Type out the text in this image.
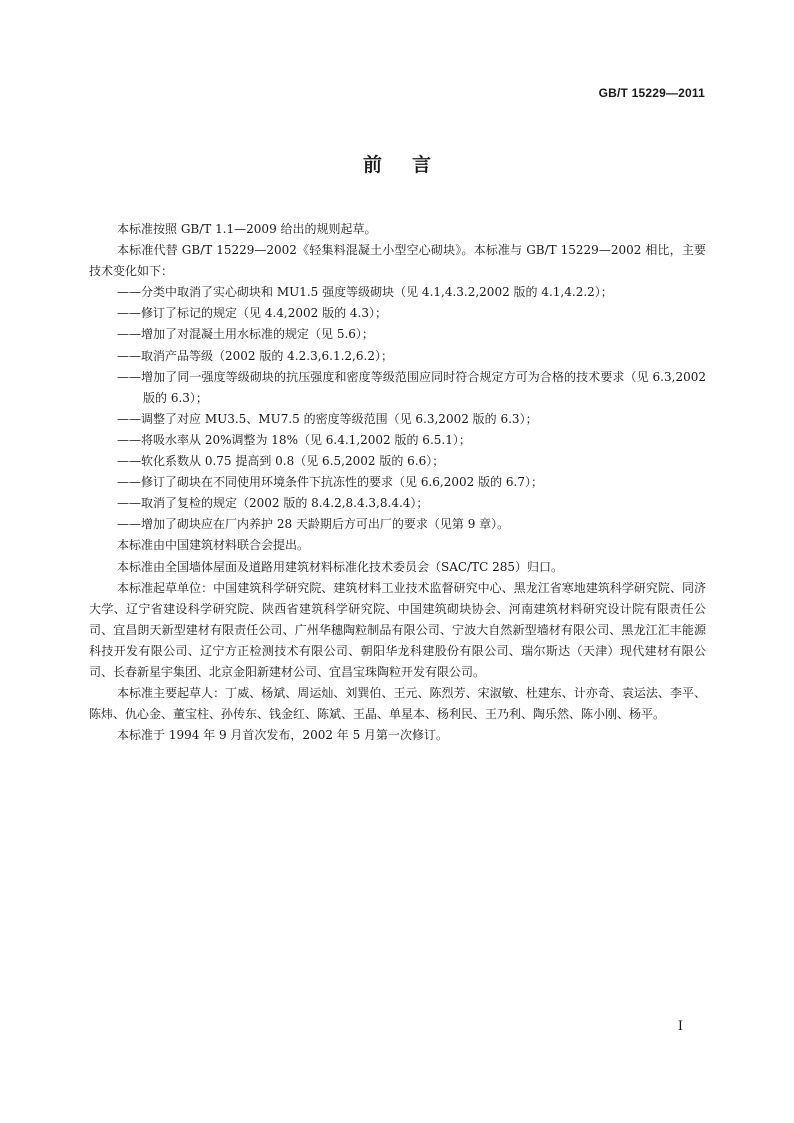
GB/T 15229—2011
前言

本标准按照 GB/T 1.1—2009 给出的规则起草。

本标准代替 GB/T 15229—2002《轻集料混凝土小型空心砌块》。本标准与 GB/T 15229—2002 相比，主要技术变化如下：

——分类中取消了实心砌块和 MU1.5 强度等级砌块（见 4.1,4.3.2,2002 版的 4.1,4.2.2）；

——修订了标记的规定（见 4.4,2002 版的 4.3）；

——增加了对混凝土用水标准的规定（见 5.6）；

——取消产品等级（2002 版的 4.2.3,6.1.2,6.2）；

——增加了同一强度等级砌块的抗压强度和密度等级范围应同时符合规定方可为合格的技术要求（见 6.3,2002 版的 6.3）；

——调整了对应 MU3.5、MU7.5 的密度等级范围（见 6.3,2002 版的 6.3）；

——将吸水率从 20%调整为 18%（见 6.4.1,2002 版的 6.5.1）；

——软化系数从 0.75 提高到 0.8（见 6.5,2002 版的 6.6）；

——修订了砌块在不同使用环境条件下抗冻性的要求（见 6.6,2002 版的 6.7）；

——取消了复检的规定（2002 版的 8.4.2,8.4.3,8.4.4）；

——增加了砌块应在厂内养护 28 天龄期后方可出厂的要求（见第 9 章）。

本标准由中国建筑材料联合会提出。

本标准由全国墙体屋面及道路用建筑材料标准化技术委员会（SAC/TC 285）归口。

本标准起草单位：中国建筑科学研究院、建筑材料工业技术监督研究中心、黑龙江省寒地建筑科学研究院、同济大学、辽宁省建设科学研究院、陕西省建筑科学研究院、中国建筑砌块协会、河南建筑材料研究设计院有限责任公司、宜昌朗天新型建材有限责任公司、广州华穗陶粒制品有限公司、宁波大自然新型墙材有限公司、黑龙江汇丰能源科技开发有限公司、辽宁方正检测技术有限公司、朝阳华龙科建股份有限公司、瑞尔斯达（天津）现代建材有限公司、长春新星宇集团、北京金阳新建材公司、宜昌宝珠陶粒开发有限公司。

本标准主要起草人：丁威、杨斌、周运灿、刘巽伯、王元、陈烈芳、宋淑敏、杜建东、计亦奇、袁运法、李平、陈炜、仇心金、董宝柱、孙传东、钱金红、陈斌、王晶、单星本、杨利民、王乃利、陶乐然、陈小刚、杨平。

本标准于 1994 年 9 月首次发布，2002 年 5 月第一次修订。

I
